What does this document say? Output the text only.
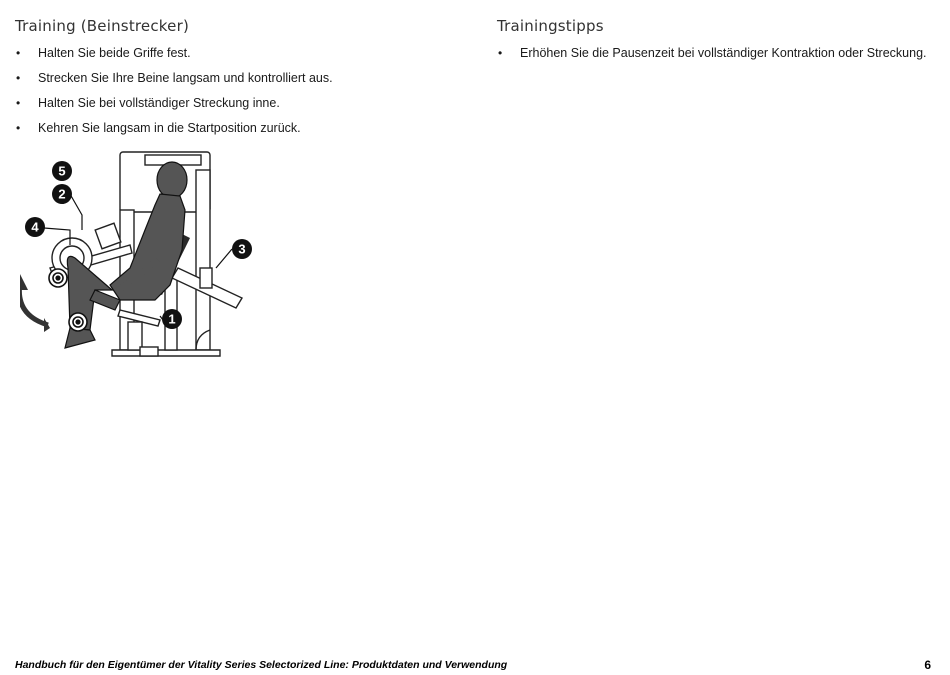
Training (Beinstrecker)
• Halten Sie beide Griffe fest.
• Strecken Sie Ihre Beine langsam und kontrolliert aus.
• Halten Sie bei vollständiger Streckung inne.
• Kehren Sie langsam in die Startposition zurück.
Trainingstipps
• Erhöhen Sie die Pausenzeit bei vollständiger Kontraktion oder Streckung.
5
2
4
3
1
Handbuch für den Eigentümer der Vitality Series Selectorized Line: Produktdaten und Verwendung	6
